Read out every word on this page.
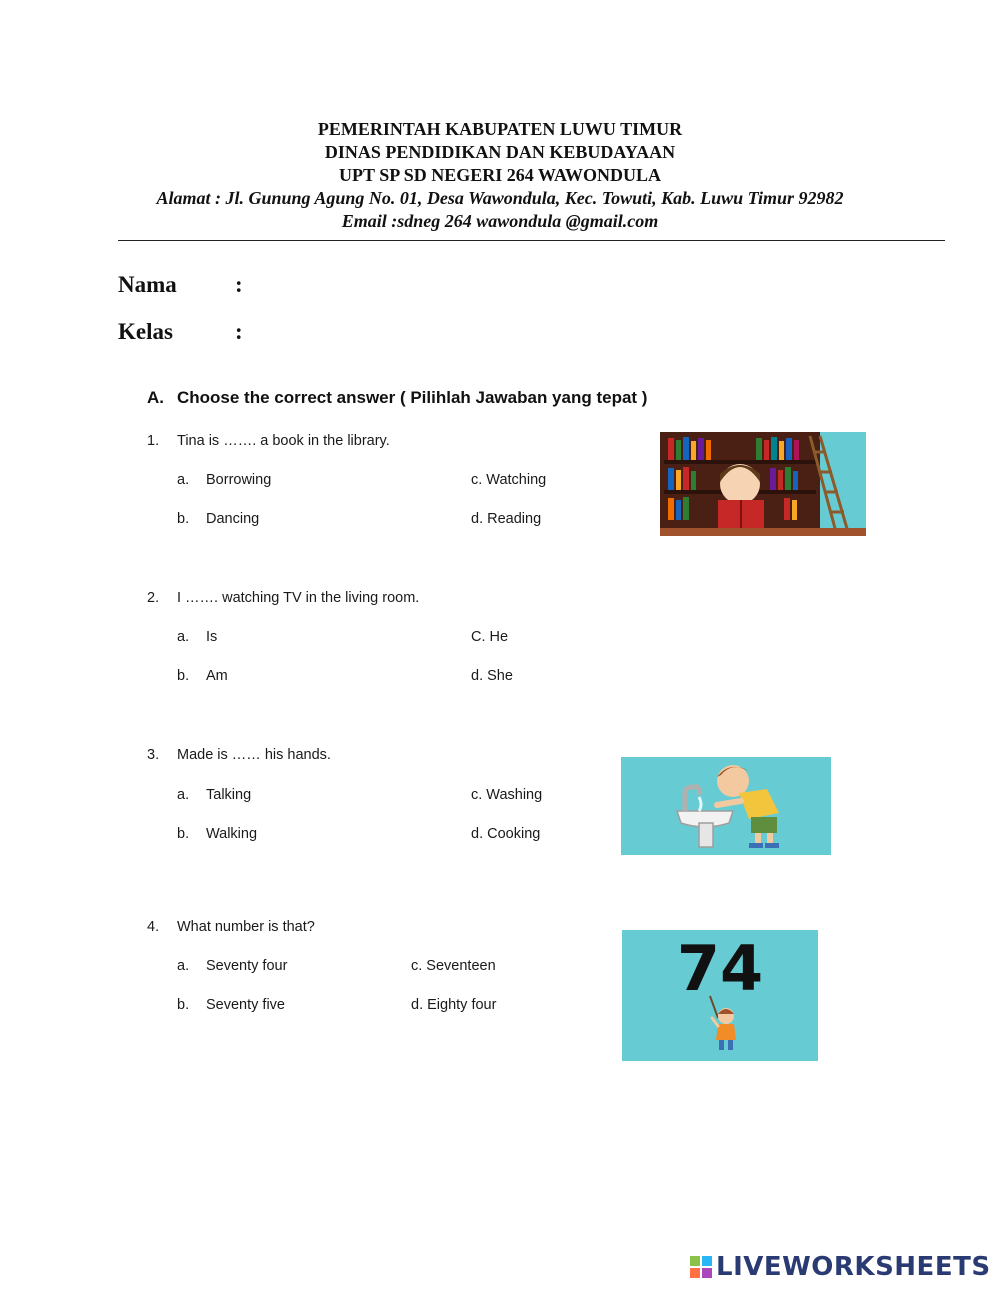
PEMERINTAH KABUPATEN LUWU TIMUR
DINAS PENDIDIKAN DAN KEBUDAYAAN
UPT SP SD NEGERI 264 WAWONDULA
Alamat : Jl. Gunung Agung No. 01, Desa Wawondula, Kec. Towuti, Kab. Luwu Timur 92982
Email :sdneg 264 wawondula @gmail.com
Nama	:
Kelas	:
A. Choose the correct answer ( Pilihlah Jawaban yang tepat )
1. Tina is ……. a book in the library.
a. Borrowing
b. Dancing
c. Watching
d. Reading
2. I ……. watching TV in the living room.
a. Is
b. Am
C. He
d. She
3. Made is …… his hands.
a. Talking
b. Walking
c. Washing
d. Cooking
4. What number is that?
a. Seventy four
b. Seventy five
c. Seventeen
d. Eighty four	74
LIVEWORKSHEETS
